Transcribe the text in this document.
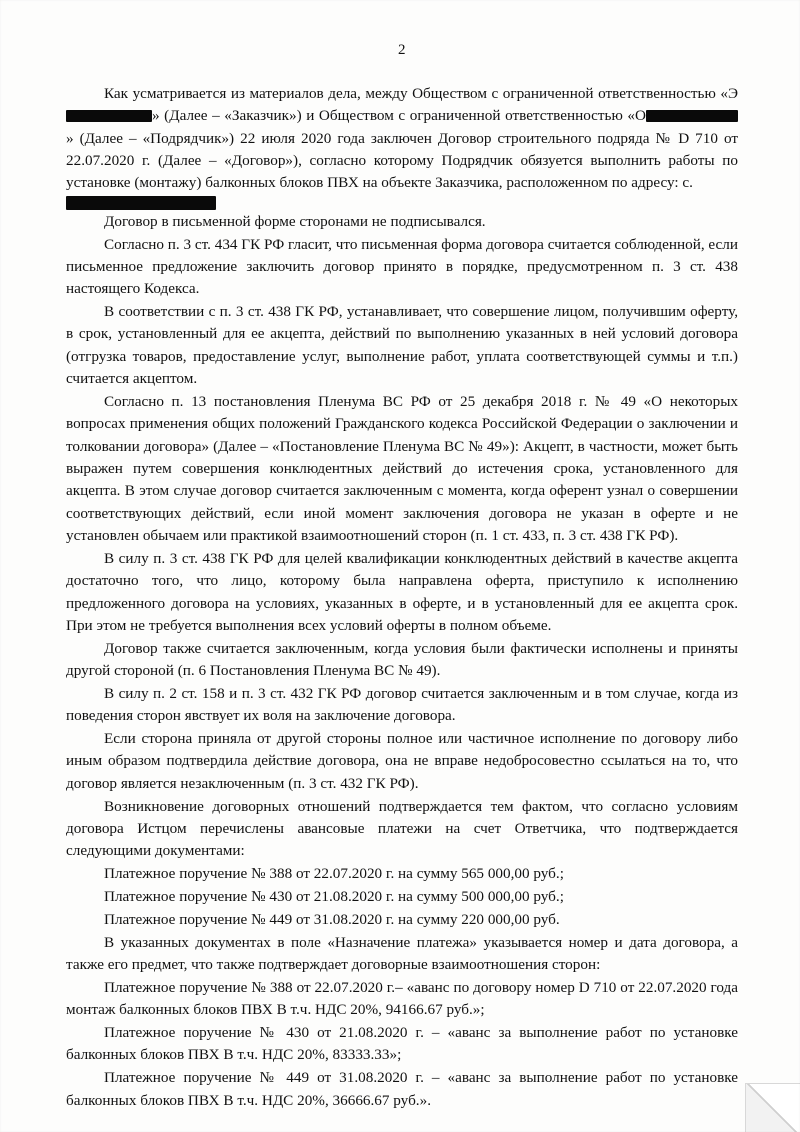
2

Как усматривается из материалов дела, между Обществом с ограниченной ответственностью «Э» (Далее – «Заказчик») и Обществом с ограниченной ответственностью «О» (Далее – «Подрядчик») 22 июля 2020 года заключен Договор строительного подряда № D 710 от 22.07.2020 г. (Далее – «Договор»), согласно которому Подрядчик обязуется выполнить работы по установке (монтажу) балконных блоков ПВХ на объекте Заказчика, расположенном по адресу: с.

Договор в письменной форме сторонами не подписывался.

Согласно п. 3 ст. 434 ГК РФ гласит, что письменная форма договора считается соблюденной, если письменное предложение заключить договор принято в порядке, предусмотренном п. 3 ст. 438 настоящего Кодекса.

В соответствии с п. 3 ст. 438 ГК РФ, устанавливает, что совершение лицом, получившим оферту, в срок, установленный для ее акцепта, действий по выполнению указанных в ней условий договора (отгрузка товаров, предоставление услуг, выполнение работ, уплата соответствующей суммы и т.п.) считается акцептом.

Согласно п. 13 постановления Пленума ВС РФ от 25 декабря 2018 г. № 49 «О некоторых вопросах применения общих положений Гражданского кодекса Российской Федерации о заключении и толковании договора» (Далее – «Постановление Пленума ВС № 49»): Акцепт, в частности, может быть выражен путем совершения конклюдентных действий до истечения срока, установленного для акцепта. В этом случае договор считается заключенным с момента, когда оферент узнал о совершении соответствующих действий, если иной момент заключения договора не указан в оферте и не установлен обычаем или практикой взаимоотношений сторон (п. 1 ст. 433, п. 3 ст. 438 ГК РФ).

В силу п. 3 ст. 438 ГК РФ для целей квалификации конклюдентных действий в качестве акцепта достаточно того, что лицо, которому была направлена оферта, приступило к исполнению предложенного договора на условиях, указанных в оферте, и в установленный для ее акцепта срок. При этом не требуется выполнения всех условий оферты в полном объеме.

Договор также считается заключенным, когда условия были фактически исполнены и приняты другой стороной (п. 6 Постановления Пленума ВС № 49).

В силу п. 2 ст. 158 и п. 3 ст. 432 ГК РФ договор считается заключенным и в том случае, когда из поведения сторон явствует их воля на заключение договора.

Если сторона приняла от другой стороны полное или частичное исполнение по договору либо иным образом подтвердила действие договора, она не вправе недобросовестно ссылаться на то, что договор является незаключенным (п. 3 ст. 432 ГК РФ).

Возникновение договорных отношений подтверждается тем фактом, что согласно условиям договора Истцом перечислены авансовые платежи на счет Ответчика, что подтверждается следующими документами:

Платежное поручение № 388 от 22.07.2020 г. на сумму 565 000,00 руб.;

Платежное поручение № 430 от 21.08.2020 г. на сумму 500 000,00 руб.;

Платежное поручение № 449 от 31.08.2020 г. на сумму 220 000,00 руб.

В указанных документах в поле «Назначение платежа» указывается номер и дата договора, а также его предмет, что также подтверждает договорные взаимоотношения сторон:

Платежное поручение № 388 от 22.07.2020 г.– «аванс по договору номер D 710 от 22.07.2020 года монтаж балконных блоков ПВХ В т.ч. НДС 20%, 94166.67 руб.»;

Платежное поручение № 430 от 21.08.2020 г. – «аванс за выполнение работ по установке балконных блоков ПВХ В т.ч. НДС 20%, 83333.33»;

Платежное поручение № 449 от 31.08.2020 г. – «аванс за выполнение работ по установке балконных блоков ПВХ В т.ч. НДС 20%, 36666.67 руб.».
